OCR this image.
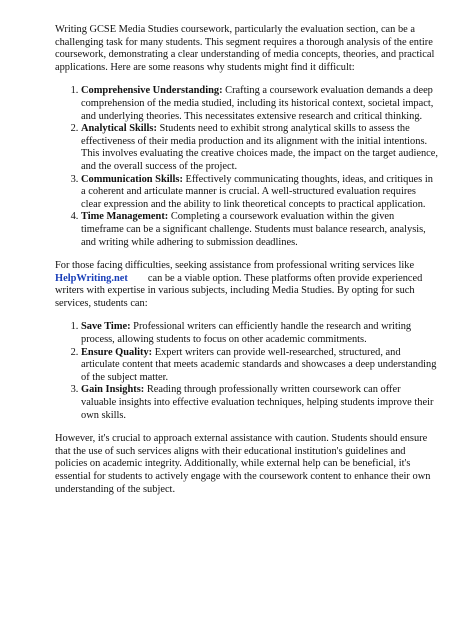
Writing GCSE Media Studies coursework, particularly the evaluation section, can be a challenging task for many students. This segment requires a thorough analysis of the entire coursework, demonstrating a clear understanding of media concepts, theories, and practical applications. Here are some reasons why students might find it difficult:

1. Comprehensive Understanding: Crafting a coursework evaluation demands a deep comprehension of the media studied, including its historical context, societal impact, and underlying theories. This necessitates extensive research and critical thinking.
2. Analytical Skills: Students need to exhibit strong analytical skills to assess the effectiveness of their media production and its alignment with the initial intentions. This involves evaluating the creative choices made, the impact on the target audience, and the overall success of the project.
3. Communication Skills: Effectively communicating thoughts, ideas, and critiques in a coherent and articulate manner is crucial. A well-structured evaluation requires clear expression and the ability to link theoretical concepts to practical application.
4. Time Management: Completing a coursework evaluation within the given timeframe can be a significant challenge. Students must balance research, analysis, and writing while adhering to submission deadlines.

For those facing difficulties, seeking assistance from professional writing services like
HelpWriting.net can be a viable option. These platforms often provide experienced writers with expertise in various subjects, including Media Studies. By opting for such services, students can:

1. Save Time: Professional writers can efficiently handle the research and writing process, allowing students to focus on other academic commitments.
2. Ensure Quality: Expert writers can provide well-researched, structured, and articulate content that meets academic standards and showcases a deep understanding of the subject matter.
3. Gain Insights: Reading through professionally written coursework can offer valuable insights into effective evaluation techniques, helping students improve their own skills.

However, it's crucial to approach external assistance with caution. Students should ensure that the use of such services aligns with their educational institution's guidelines and policies on academic integrity. Additionally, while external help can be beneficial, it's essential for students to actively engage with the coursework content to enhance their own understanding of the subject.
